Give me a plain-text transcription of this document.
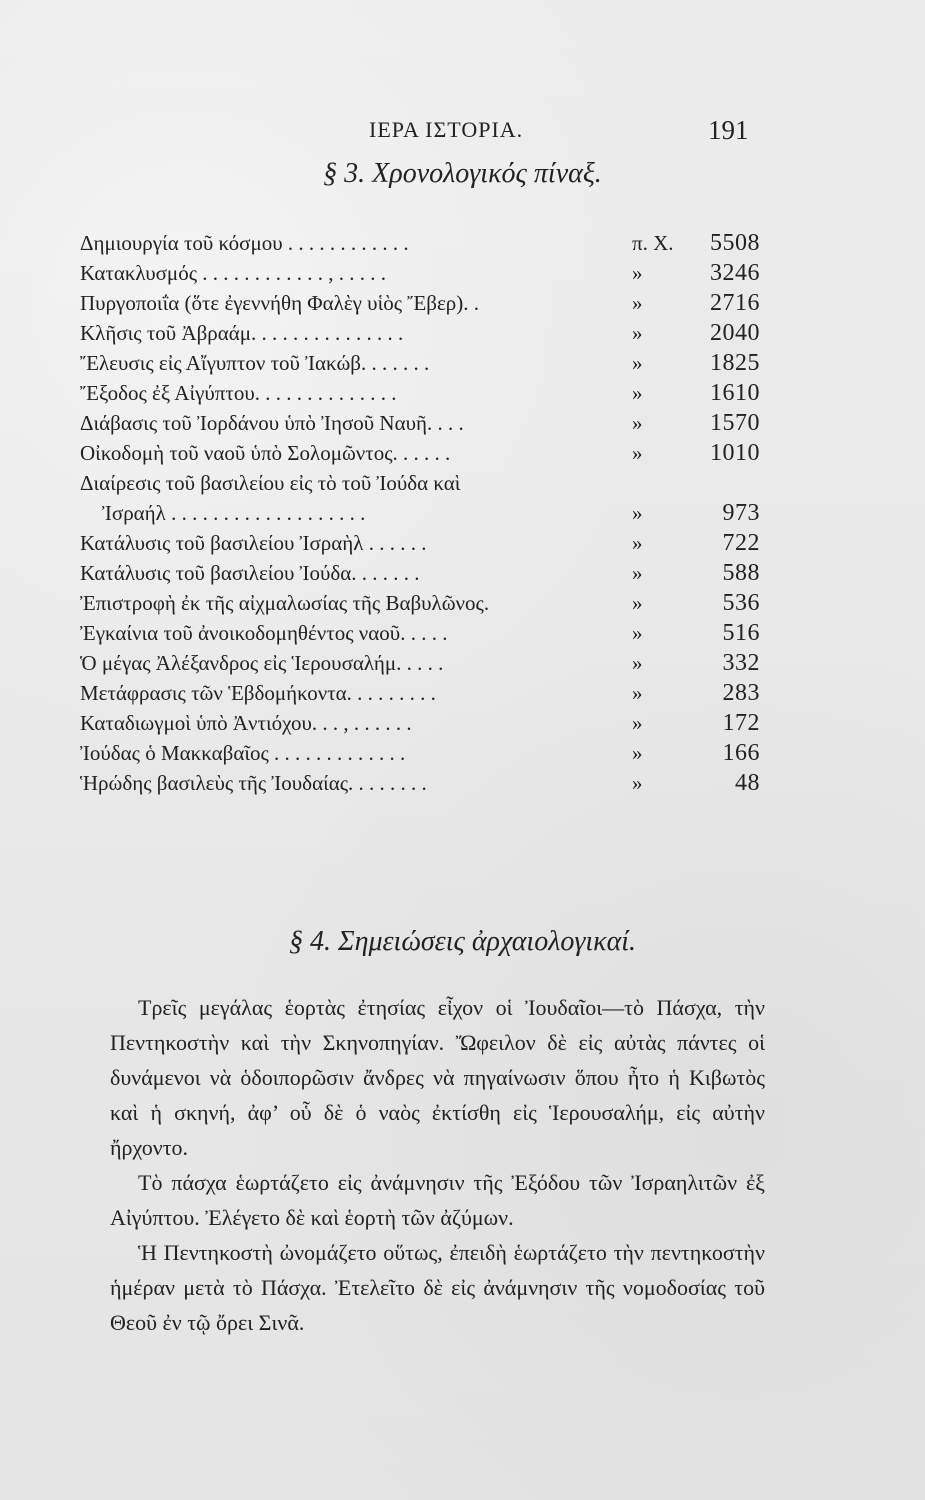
ΙΕΡΑ ΙΣΤΟΡΙΑ.	191
§ 3. Χρονολογικός πίναξ.
Δημιουργία τοῦ κόσμου . . . . . . . . . . . .	π. Χ.	5508
Κατακλυσμός . . . . . . . . . . . . , . . . . .	»	3246
Πυργοποιΐα (ὅτε ἐγεννήθη Φαλὲγ υἱὸς Ἔβερ). .	»	2716
Κλῆσις τοῦ Ἀβραάμ. . . . . . . . . . . . . . .	»	2040
Ἔλευσις εἰς Αἴγυπτον τοῦ Ἰακώβ. . . . . . .	»	1825
Ἔξοδος ἐξ Αἰγύπτου. . . . . . . . . . . . . .	»	1610
Διάβασις τοῦ Ἰορδάνου ὑπὸ Ἰησοῦ Ναυῆ. . . .	»	1570
Οἰκοδομὴ τοῦ ναοῦ ὑπὸ Σολομῶντος. . . . . .	»	1010
Διαίρεσις τοῦ βασιλείου εἰς τὸ τοῦ Ἰούδα καὶ
Ἰσραήλ . . . . . . . . . . . . . . . . . . .	»	973
Κατάλυσις τοῦ βασιλείου Ἰσραὴλ . . . . . .	»	722
Κατάλυσις τοῦ βασιλείου Ἰούδα. . . . . . .	»	588
Ἐπιστροφὴ ἐκ τῆς αἰχμαλωσίας τῆς Βαβυλῶνος.	»	536
Ἐγκαίνια τοῦ ἀνοικοδομηθέντος ναοῦ. . . . .	»	516
Ὁ μέγας Ἀλέξανδρος εἰς Ἱερουσαλήμ. . . . .	»	332
Μετάφρασις τῶν Ἑβδομήκοντα. . . . . . . . .	»	283
Καταδιωγμοὶ ὑπὸ Ἀντιόχου. . . , . . . . . .	»	172
Ἰούδας ὁ Μακκαβαῖος . . . . . . . . . . . . .	»	166
Ἡρώδης βασιλεὺς τῆς Ἰουδαίας. . . . . . . .	»	48
§ 4. Σημειώσεις ἀρχαιολογικαί.

Τρεῖς μεγάλας ἑορτὰς ἐτησίας εἶχον οἱ Ἰουδαῖοι—τὸ Πάσχα, τὴν Πεντηκοστὴν καὶ τὴν Σκηνοπηγίαν. Ὤφειλον δὲ εἰς αὐτὰς πάντες οἱ δυνάμενοι νὰ ὁδοιπορῶσιν ἄνδρες νὰ πηγαίνωσιν ὅπου ἦτο ἡ Κιβωτὸς καὶ ἡ σκηνή, ἀφ’ οὗ δὲ ὁ ναὸς ἐκτίσθη εἰς Ἱερουσαλήμ, εἰς αὐτὴν ἤρχοντο.

Τὸ πάσχα ἑωρτάζετο εἰς ἀνάμνησιν τῆς Ἐξόδου τῶν Ἰσραηλιτῶν ἐξ Αἰγύπτου. Ἐλέγετο δὲ καὶ ἑορτὴ τῶν ἀζύμων.

Ἡ Πεντηκοστὴ ὠνομάζετο οὕτως, ἐπειδὴ ἑωρτάζετο τὴν πεντηκοστὴν ἡμέραν μετὰ τὸ Πάσχα. Ἐτελεῖτο δὲ εἰς ἀνάμνησιν τῆς νομοδοσίας τοῦ Θεοῦ ἐν τῷ ὄρει Σινᾶ.
